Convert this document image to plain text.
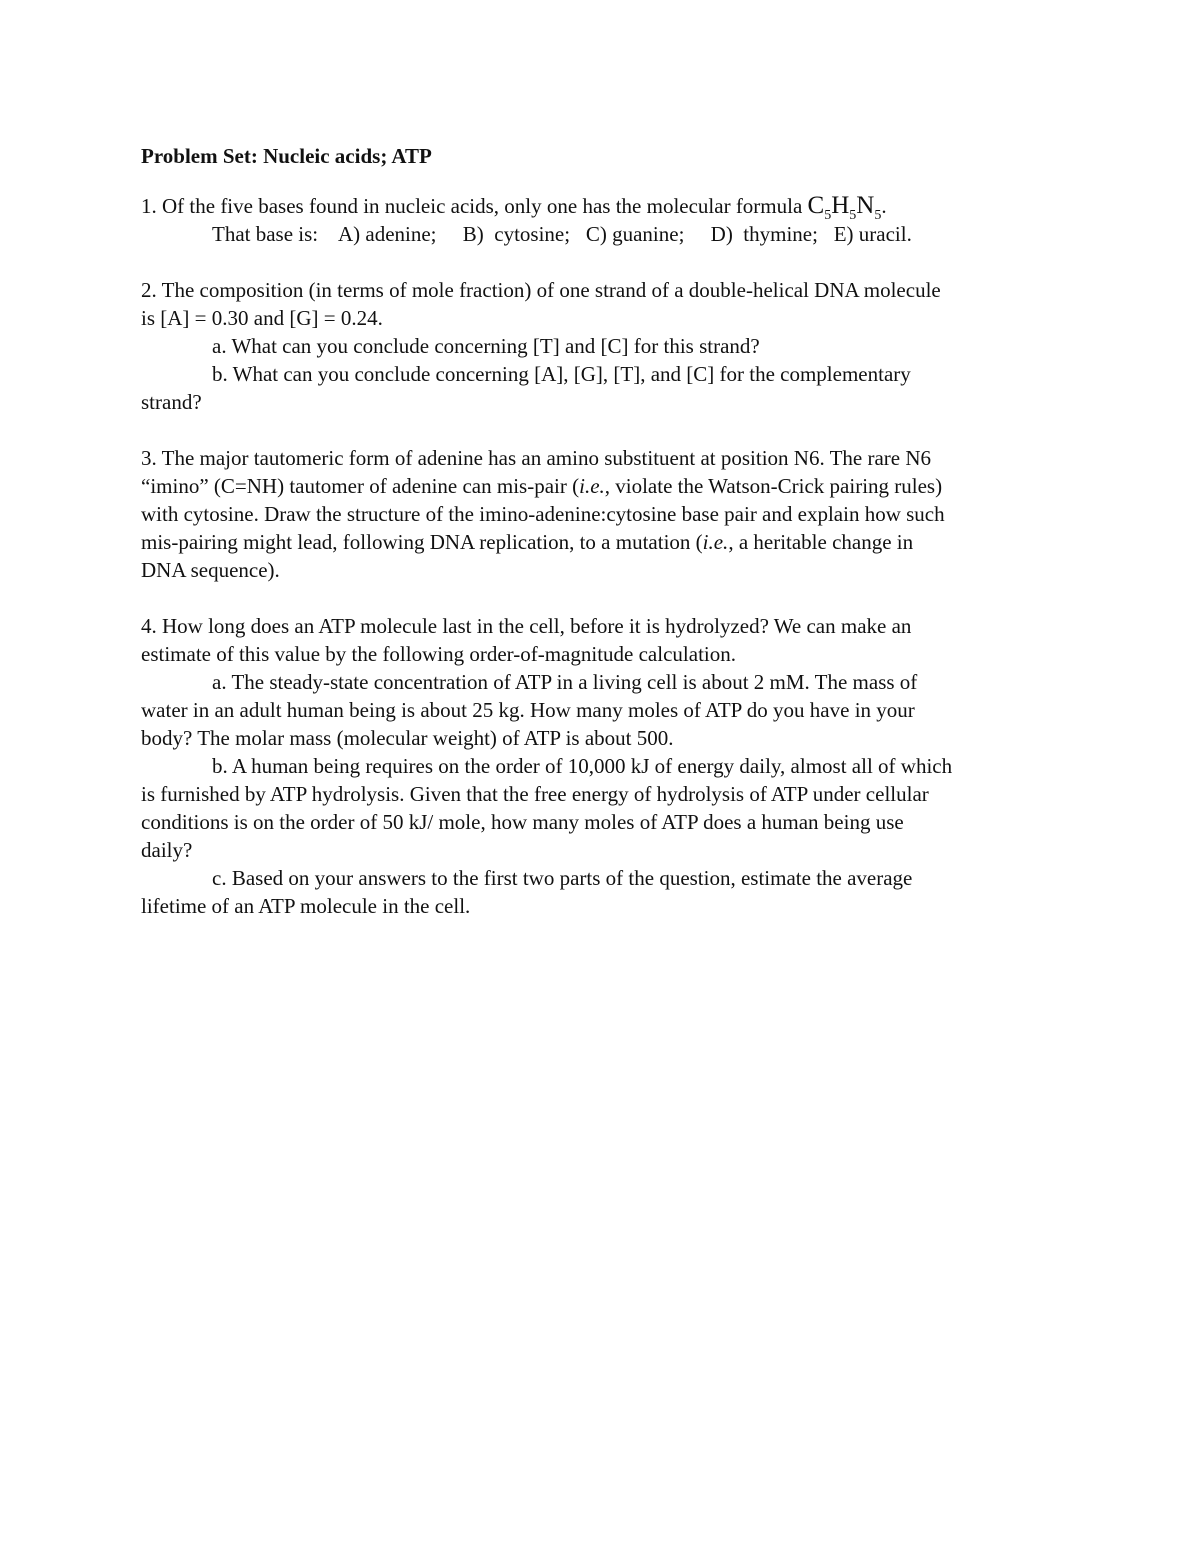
Problem Set: Nucleic acids; ATP
1. Of the five bases found in nucleic acids, only one has the molecular formula $C_5H_5N_5$.
That base is:    A) adenine;     B)  cytosine;   C) guanine;     D)  thymine;   E) uracil.
2. The composition (in terms of mole fraction) of one strand of a double-helical DNA molecule
is [A] = 0.30 and [G] = 0.24.
a. What can you conclude concerning [T] and [C] for this strand?
b. What can you conclude concerning [A], [G], [T], and [C] for the complementary
strand?
3. The major tautomeric form of adenine has an amino substituent at position N6. The rare N6
“imino” (C=NH) tautomer of adenine can mis-pair (i.e., violate the Watson-Crick pairing rules)
with cytosine. Draw the structure of the imino-adenine:cytosine base pair and explain how such
mis-pairing might lead, following DNA replication, to a mutation (i.e., a heritable change in
DNA sequence).
4. How long does an ATP molecule last in the cell, before it is hydrolyzed? We can make an
estimate of this value by the following order-of-magnitude calculation.
a. The steady-state concentration of ATP in a living cell is about 2 mM. The mass of
water in an adult human being is about 25 kg. How many moles of ATP do you have in your
body? The molar mass (molecular weight) of ATP is about 500.
b. A human being requires on the order of 10,000 kJ of energy daily, almost all of which
is furnished by ATP hydrolysis. Given that the free energy of hydrolysis of ATP under cellular
conditions is on the order of 50 kJ/ mole, how many moles of ATP does a human being use
daily?
c. Based on your answers to the first two parts of the question, estimate the average
lifetime of an ATP molecule in the cell.
